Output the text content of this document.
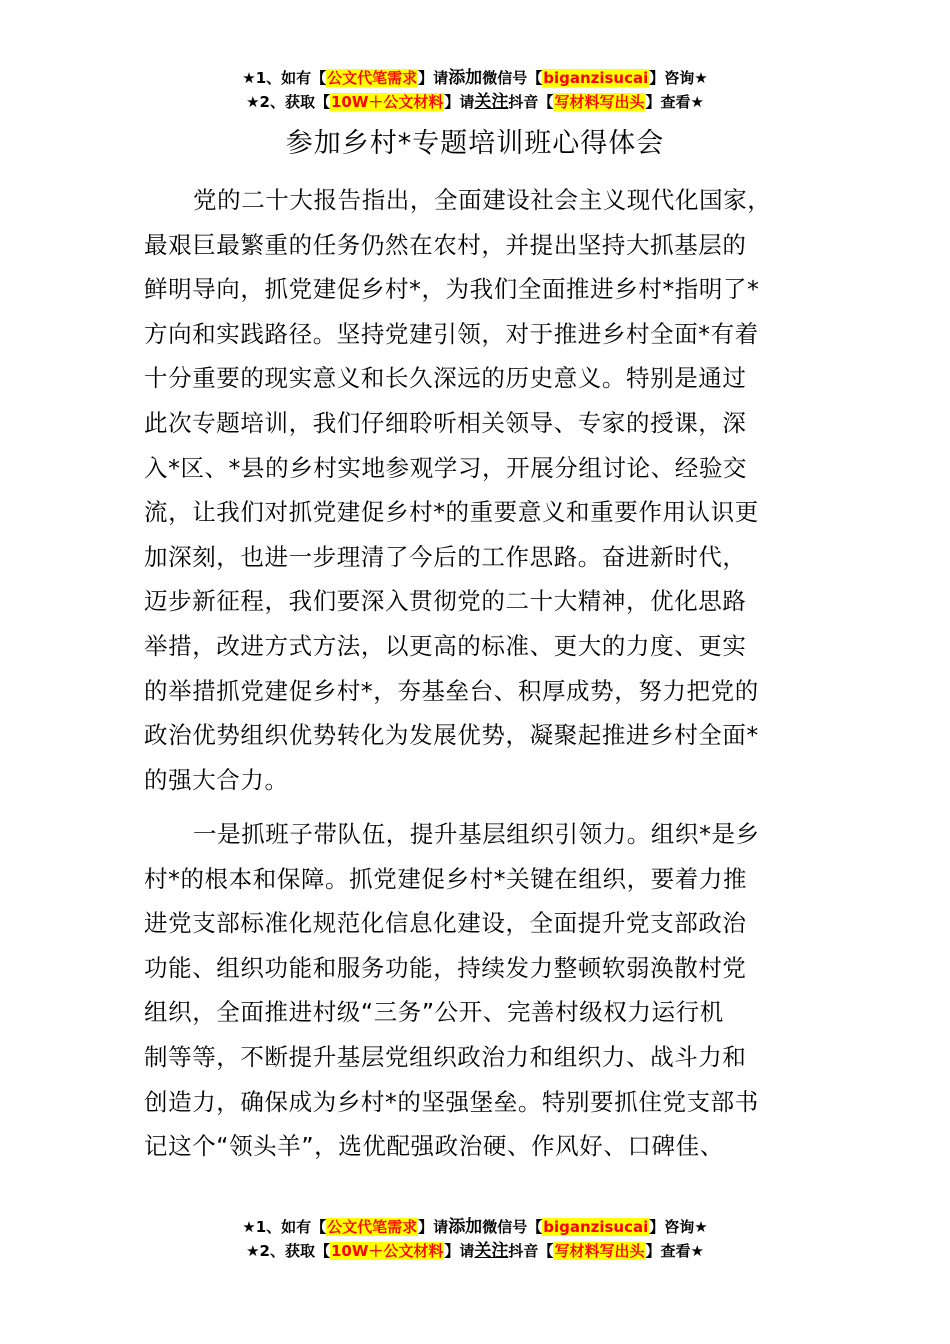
★1、如有【公文代笔需求】请添加微信号【biganzisucai】咨询★
★2、获取【10W＋公文材料】请关注抖音【写材料写出头】查看★
参加乡村*专题培训班心得体会
党的二十大报告指出，全面建设社会主义现代化国家，
最艰巨最繁重的任务仍然在农村，并提出坚持大抓基层的
鲜明导向，抓党建促乡村*，为我们全面推进乡村*指明了*
方向和实践路径。坚持党建引领，对于推进乡村全面*有着
十分重要的现实意义和长久深远的历史意义。特别是通过
此次专题培训，我们仔细聆听相关领导、专家的授课，深
入*区、*县的乡村实地参观学习，开展分组讨论、经验交
流，让我们对抓党建促乡村*的重要意义和重要作用认识更
加深刻，也进一步理清了今后的工作思路。奋进新时代，
迈步新征程，我们要深入贯彻党的二十大精神，优化思路
举措，改进方式方法，以更高的标准、更大的力度、更实
的举措抓党建促乡村*，夯基垒台、积厚成势，努力把党的
政治优势组织优势转化为发展优势，凝聚起推进乡村全面*
的强大合力。
一是抓班子带队伍，提升基层组织引领力。组织*是乡
村*的根本和保障。抓党建促乡村*关键在组织，要着力推
进党支部标准化规范化信息化建设，全面提升党支部政治
功能、组织功能和服务功能，持续发力整顿软弱涣散村党
组织，全面推进村级“三务”公开、完善村级权力运行机
制等等，不断提升基层党组织政治力和组织力、战斗力和
创造力，确保成为乡村*的坚强堡垒。特别要抓住党支部书
记这个“领头羊”，选优配强政治硬、作风好、口碑佳、
★1、如有【公文代笔需求】请添加微信号【biganzisucai】咨询★
★2、获取【10W＋公文材料】请关注抖音【写材料写出头】查看★
